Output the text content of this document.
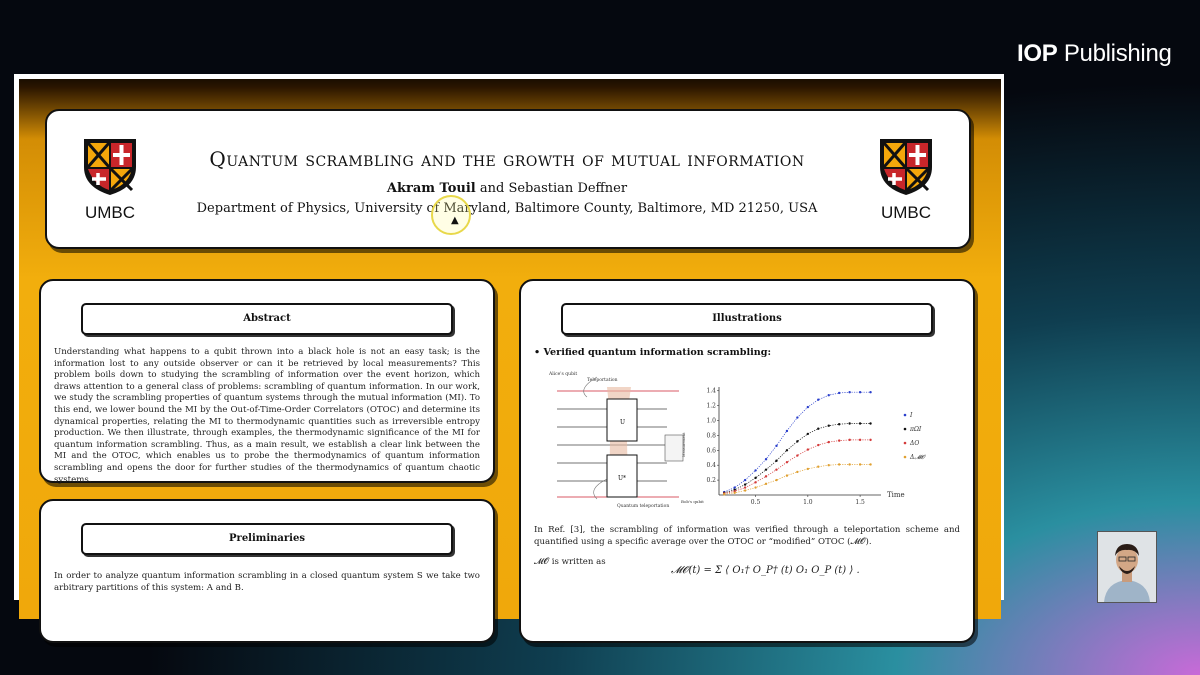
IOP Publishing
UMBC
Quantum scrambling and the growth of mutual information
Akram Touil and Sebastian Deffner
Department of Physics, University of Maryland, Baltimore County, Baltimore, MD 21250, USA
▲	UMBC
Abstract
Understanding what happens to a qubit thrown into a black hole is not an easy task; is the information lost to any outside observer or can it be retrieved by local measurements? This problem boils down to studying the scrambling of information over the event horizon, which draws attention to a general class of problems: scrambling of quantum information. In our work, we study the scrambling properties of quantum systems through the mutual information (MI). To this end, we lower bound the MI by the Out-of-Time-Order Correlators (OTOC) and determine its dynamical properties, relating the MI to thermodynamic quantities such as irreversible entropy production. We then illustrate, through examples, the thermodynamic significance of the MI for quantum information scrambling. Thus, as a main result, we establish a clear link between the MI and the OTOC, which enables us to probe the thermodynamics of quantum information scrambling and opens the door for further studies of the thermodynamics of quantum chaotic systems.
Preliminaries
In order to analyze quantum information scrambling in a closed quantum system S we take two arbitrary partitions of this system: A and B.
Illustrations
• Verified quantum information scrambling:
Alice's qubit
Teleportation
U
U*
Measurement
Quantum teleportation
Bob's qubit	0.5	1.0	1.5
0.2
0.4
0.6
0.8
1.0
1.2
1.4
Time
I
πΩI
ΔO
Δ𝓜𝓞
In Ref. [3], the scrambling of information was verified through a teleportation scheme and quantified using a specific average over the OTOC or “modified” OTOC (𝓜𝓞).
𝓜𝓞 is written as
𝓜𝓞(t) = Σ ⟨ O₁† O_P† (t) O₁ O_P (t) ⟩ .
